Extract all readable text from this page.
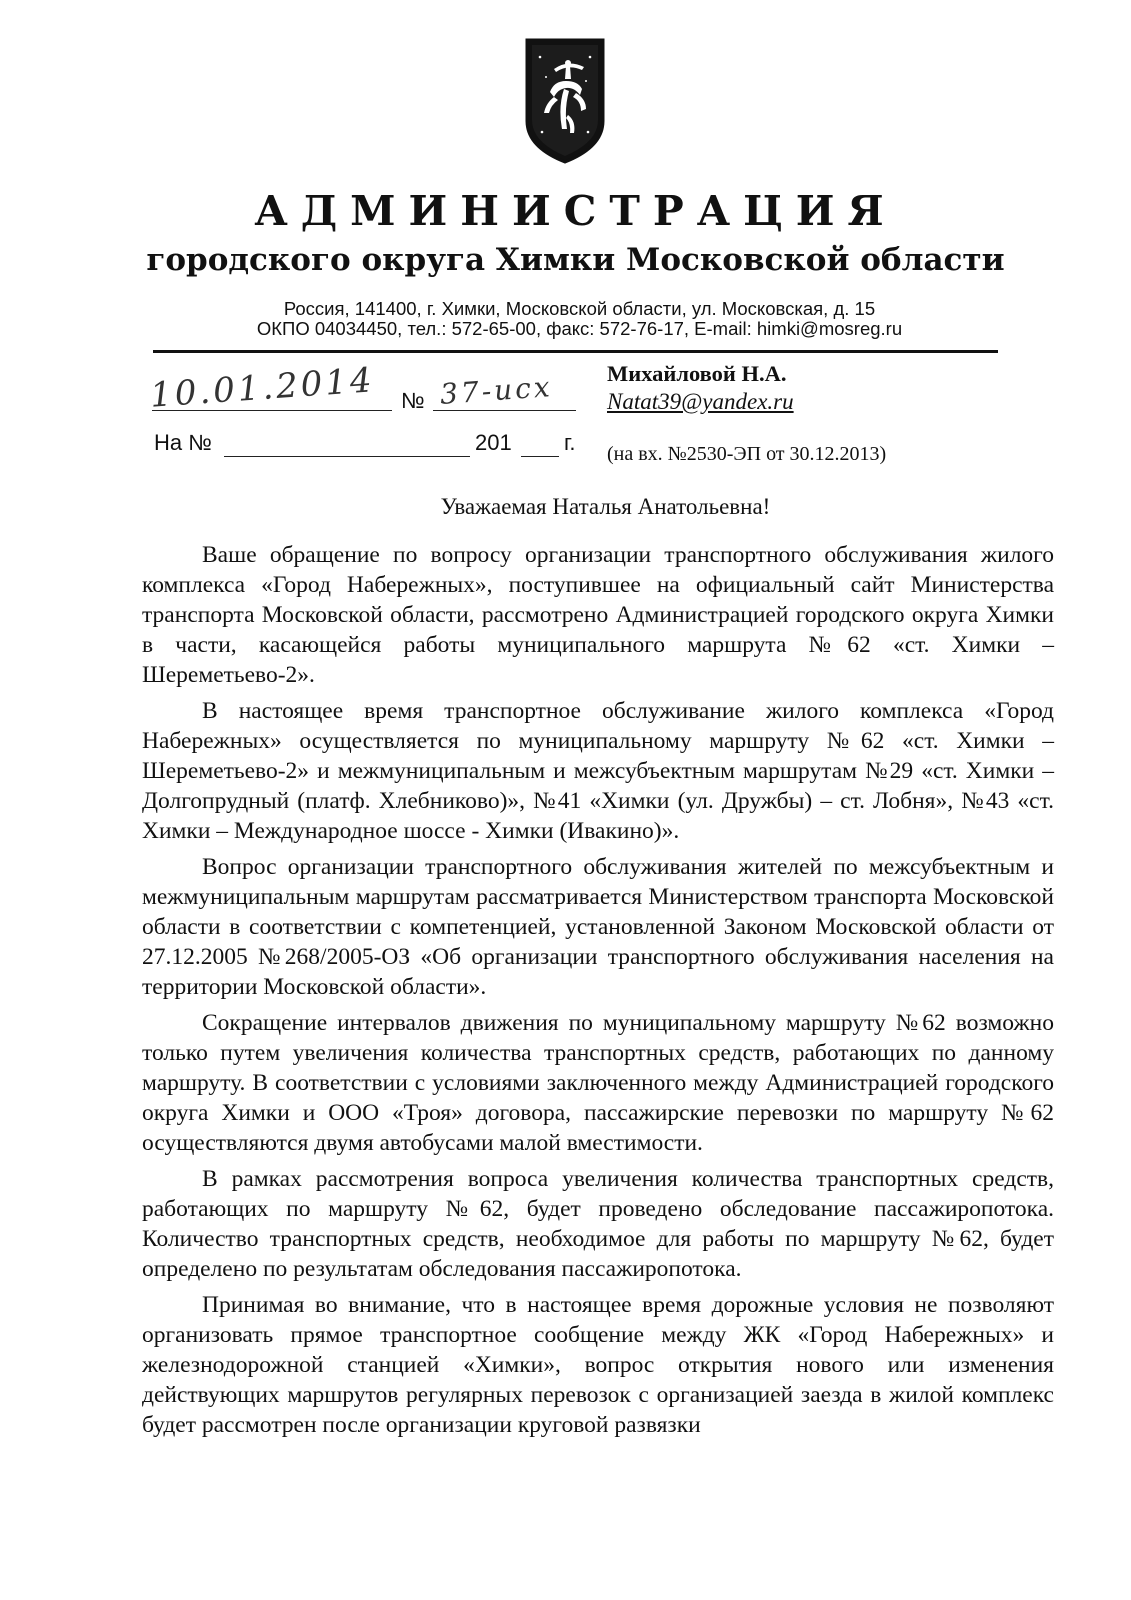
АДМИНИСТРАЦИЯ
городского округа Химки Московской области
Россия, 141400, г. Химки, Московской области, ул. Московская, д. 15
ОКПО 04034450, тел.: 572-65-00, факс: 572-76-17, E-mail: himki@mosreg.ru
10.01.2014 № 37-исх
На №	201 г.
Михайловой Н.А.
Natat39@yandex.ru
(на вх. №2530-ЭП от 30.12.2013)
Уважаемая Наталья Анатольевна!

Ваше обращение по вопросу организации транспортного обслуживания жилого комплекса «Город Набережных», поступившее на официальный сайт Министерства транспорта Московской области, рассмотрено Администрацией городского округа Химки в части, касающейся работы муниципального маршрута №62 «ст. Химки – Шереметьево-2».

В настоящее время транспортное обслуживание жилого комплекса «Город Набережных» осуществляется по муниципальному маршруту №62 «ст. Химки – Шереметьево-2» и межмуниципальным и межсубъектным маршрутам №29 «ст. Химки – Долгопрудный (платф. Хлебниково)», №41 «Химки (ул. Дружбы) – ст. Лобня», №43 «ст. Химки – Международное шоссе - Химки (Ивакино)».

Вопрос организации транспортного обслуживания жителей по межсубъектным и межмуниципальным маршрутам рассматривается Министерством транспорта Московской области в соответствии с компетенцией, установленной Законом Московской области от 27.12.2005 №268/2005-ОЗ «Об организации транспортного обслуживания населения на территории Московской области».

Сокращение интервалов движения по муниципальному маршруту №62 возможно только путем увеличения количества транспортных средств, работающих по данному маршруту. В соответствии с условиями заключенного между Администрацией городского округа Химки и ООО «Троя» договора, пассажирские перевозки по маршруту №62 осуществляются двумя автобусами малой вместимости.

В рамках рассмотрения вопроса увеличения количества транспортных средств, работающих по маршруту №62, будет проведено обследование пассажиропотока. Количество транспортных средств, необходимое для работы по маршруту №62, будет определено по результатам обследования пассажиропотока.

Принимая во внимание, что в настоящее время дорожные условия не позволяют организовать прямое транспортное сообщение между ЖК «Город Набережных» и железнодорожной станцией «Химки», вопрос открытия нового или изменения действующих маршрутов регулярных перевозок с организацией заезда в жилой комплекс будет рассмотрен после организации круговой развязки
